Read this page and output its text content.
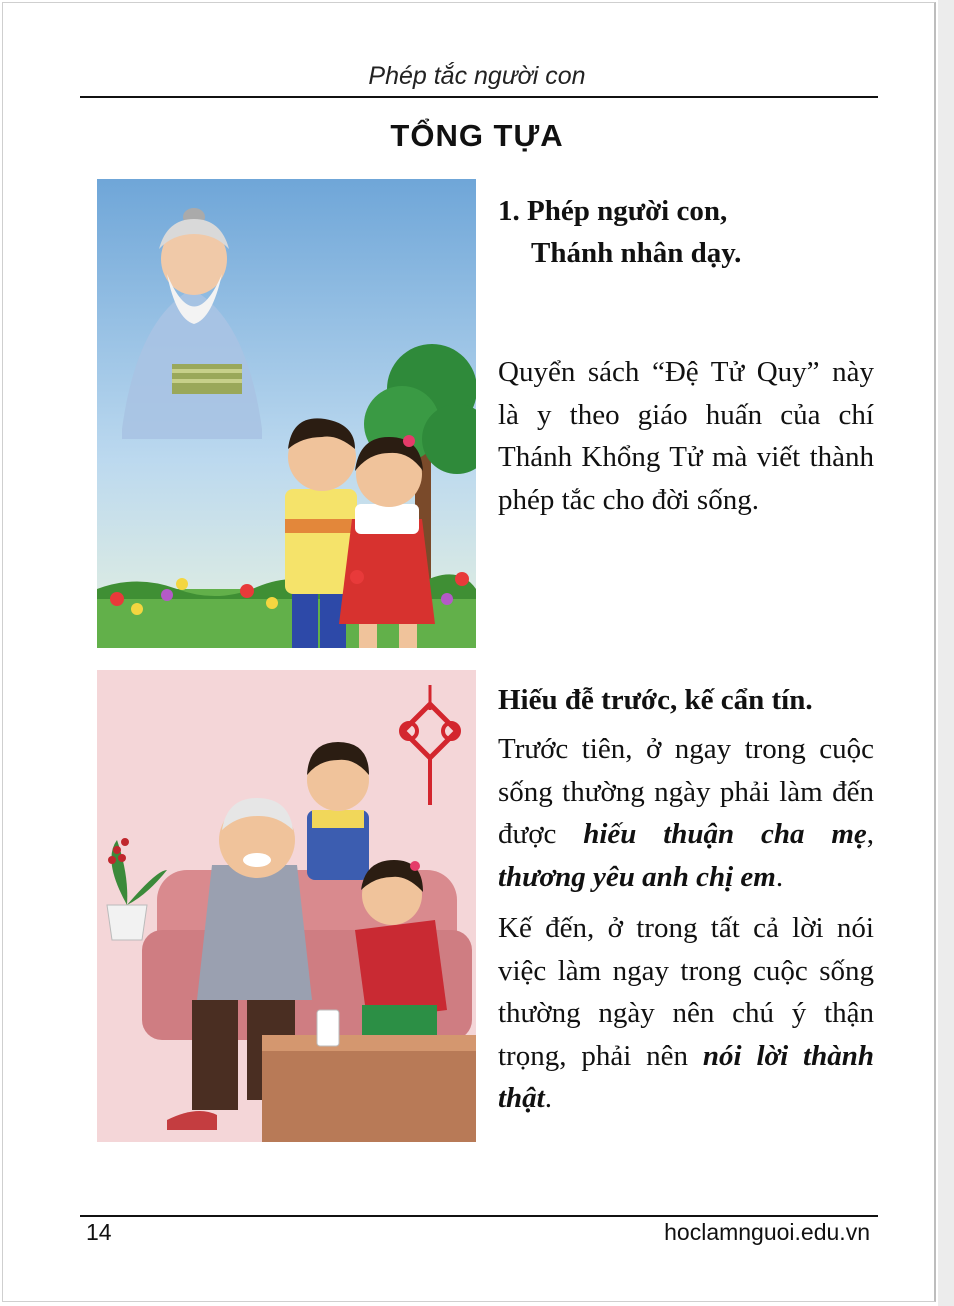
Phép tắc người con
TỔNG TỰA
1. Phép người con,
Thánh nhân dạy.
Quyển sách “Đệ Tử Quy” này là y theo giáo huấn của chí Thánh Khổng Tử mà viết thành phép tắc cho đời sống.
Hiếu đễ trước, kế cẩn tín.
Trước tiên, ở ngay trong cuộc sống thường ngày phải làm đến được hiếu thuận cha mẹ, thương yêu anh chị em.
Kế đến, ở trong tất cả lời nói việc làm ngay trong cuộc sống thường ngày nên chú ý thận trọng, phải nên nói lời thành thật.
14	hoclamnguoi.edu.vn
